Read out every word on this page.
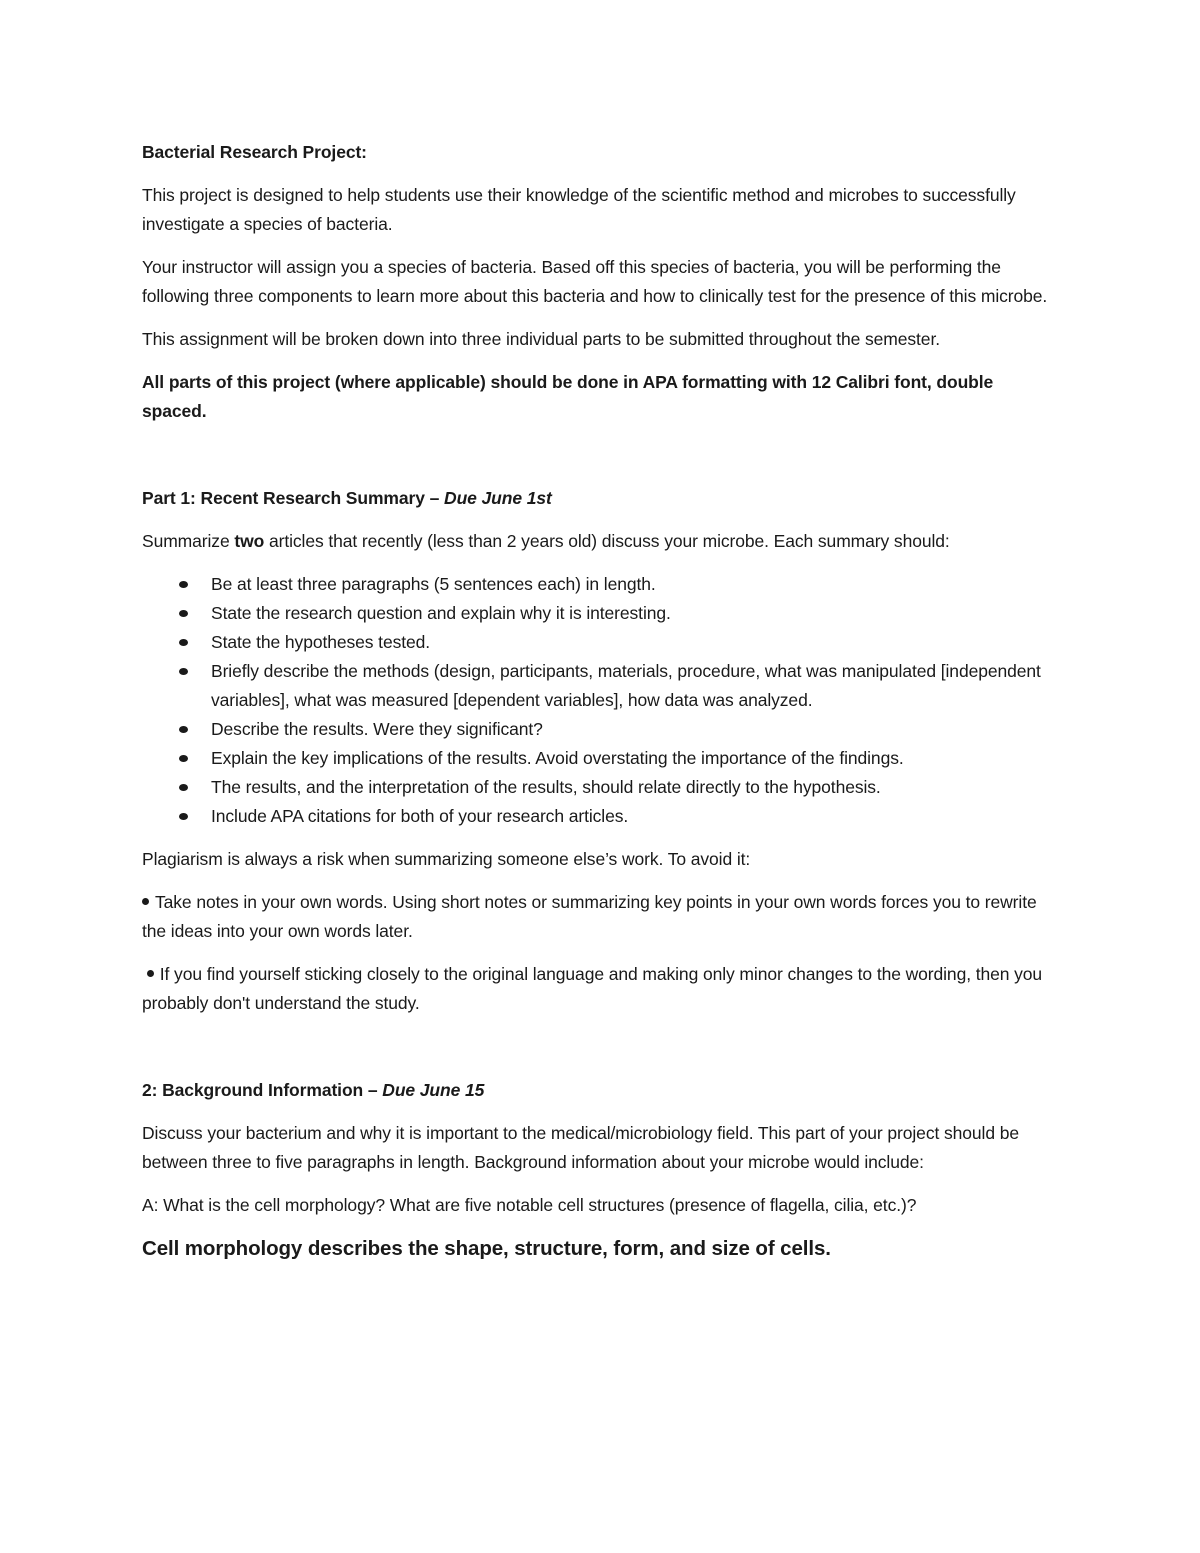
Bacterial Research Project:

This project is designed to help students use their knowledge of the scientific method and microbes to successfully investigate a species of bacteria.

Your instructor will assign you a species of bacteria. Based off this species of bacteria, you will be performing the following three components to learn more about this bacteria and how to clinically test for the presence of this microbe.

This assignment will be broken down into three individual parts to be submitted throughout the semester.

All parts of this project (where applicable) should be done in APA formatting with 12 Calibri font, double spaced.

Part 1: Recent Research Summary – Due June 1st

Summarize two articles that recently (less than 2 years old) discuss your microbe. Each summary should:

Be at least three paragraphs (5 sentences each) in length.
State the research question and explain why it is interesting.
State the hypotheses tested.
Briefly describe the methods (design, participants, materials, procedure, what was manipulated [independent variables], what was measured [dependent variables], how data was analyzed.
Describe the results. Were they significant?
Explain the key implications of the results. Avoid overstating the importance of the findings.
The results, and the interpretation of the results, should relate directly to the hypothesis.
Include APA citations for both of your research articles.

Plagiarism is always a risk when summarizing someone else’s work. To avoid it:

Take notes in your own words. Using short notes or summarizing key points in your own words forces you to rewrite the ideas into your own words later.

If you find yourself sticking closely to the original language and making only minor changes to the wording, then you probably don't understand the study.

2: Background Information – Due June 15

Discuss your bacterium and why it is important to the medical/microbiology field. This part of your project should be between three to five paragraphs in length. Background information about your microbe would include:

A: What is the cell morphology? What are five notable cell structures (presence of flagella, cilia, etc.)?

Cell morphology describes the shape, structure, form, and size of cells.
